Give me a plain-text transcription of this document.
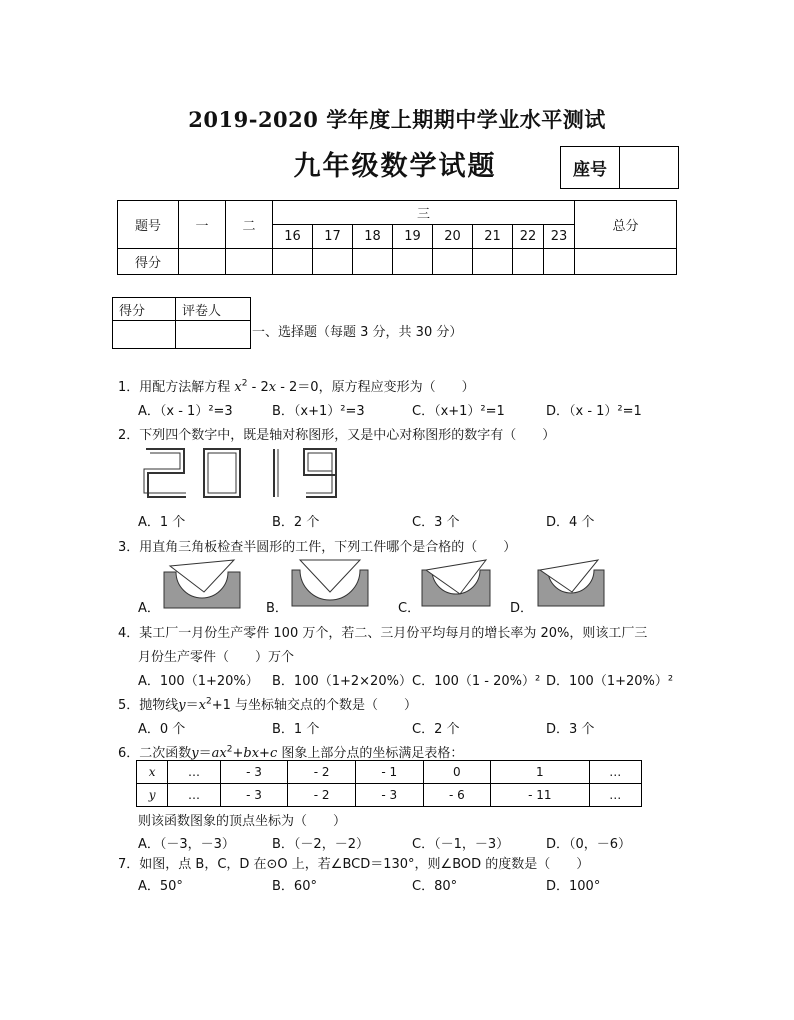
2019-2020 学年度上期期中学业水平测试
九年级数学试题	座号
题号	一	二	三								总分
			16	17	18	19	20	21	22	23	
得分											
得分	评卷人

一、选择题（每题 3 分，共 30 分）
1．用配方法解方程 $x^2 - 2x - 2=0$，原方程应变形为（　　）
A．（x - 1）²=3	B．（x+1）²=3	C．（x+1）²=1	D．（x - 1）²=1
2．下列四个数字中，既是轴对称图形，又是中心对称图形的数字有（　　）
A．1 个	B．2 个	C．3 个	D．4 个
3．用直角三角板检查半圆形的工件，下列工件哪个是合格的（　　）
A．	B．	C．	D．
4．某工厂一月份生产零件 100 万个，若二、三月份平均每月的增长率为 20%，则该工厂三
月份生产零件（　　）万个
A．100（1+20%） B．100（1+2×20%） C．100（1 - 20%）² D．100（1+20%）²
5．抛物线$y=x^2+1$ 与坐标轴交点的个数是（　　）
A．0 个	B．1 个	C．2 个	D．3 个
6．二次函数$y=ax^2+bx+c$ 图象上部分点的坐标满足表格：
x	…	- 3	- 2	- 1	0	1	…
y	…	- 3	- 2	- 3	- 6	- 11	…
则该函数图象的顶点坐标为（　　）
A．（－3，－3）	B．（－2，－2）	C．（－1，－3）	D．（0，－6）
7．如图，点 B，C，D 在⊙O 上，若∠BCD＝130°，则∠BOD 的度数是（　　）
A．50°	B．60°	C．80°	D．100°
